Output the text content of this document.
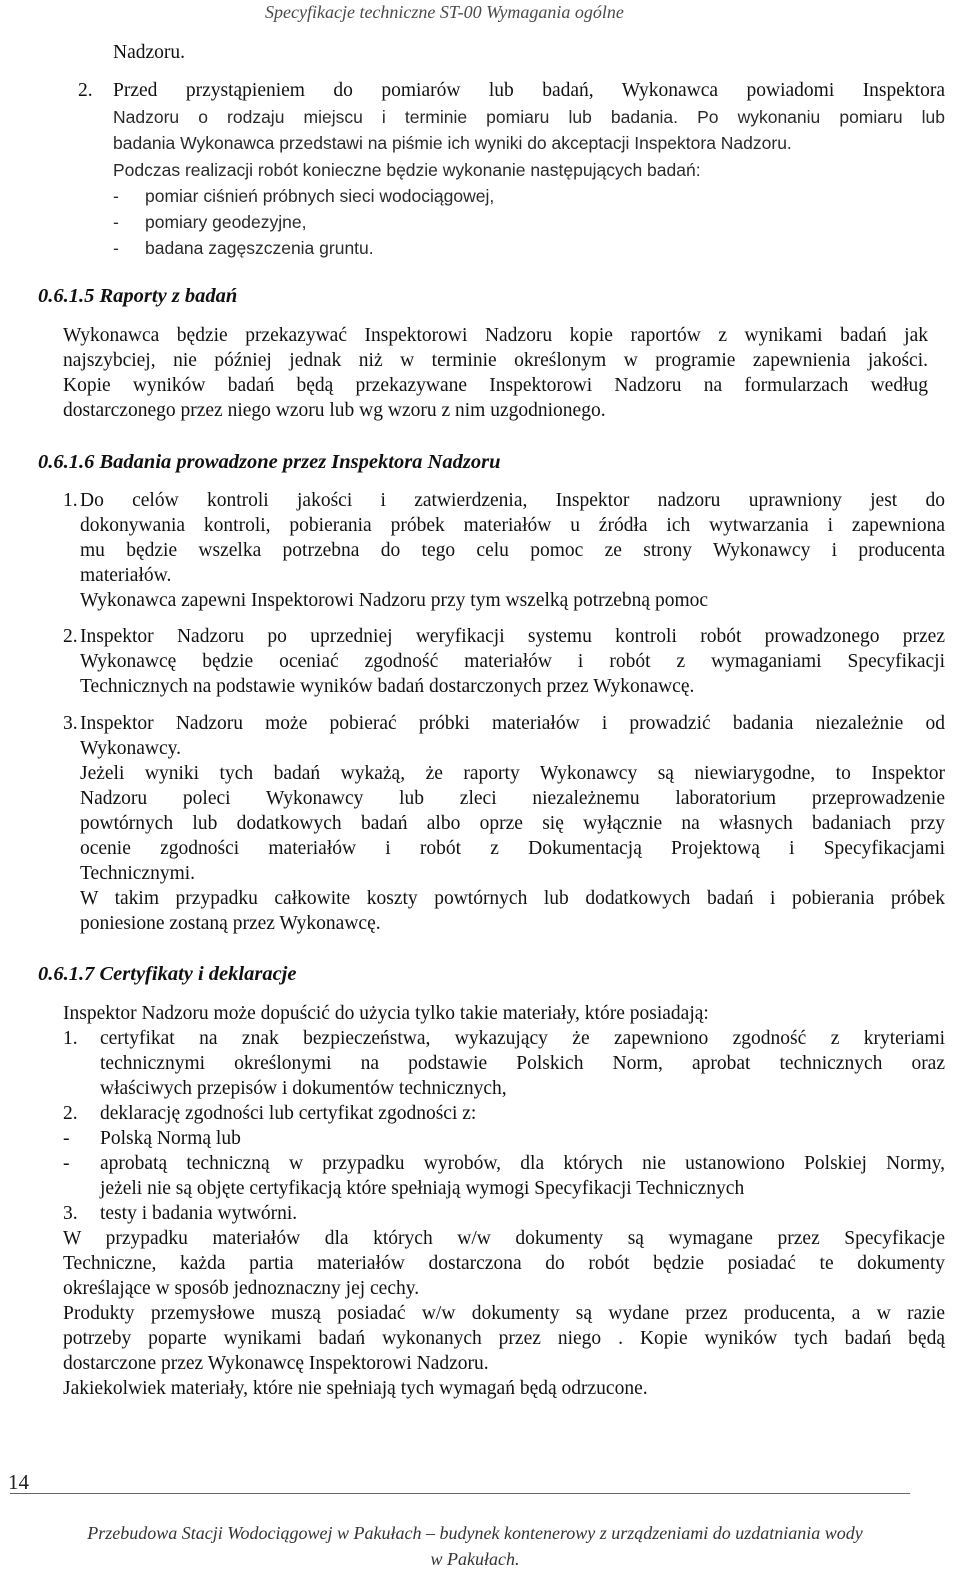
Specyfikacje techniczne ST-00 Wymagania ogólne
Nadzoru.
2. Przed przystąpieniem do pomiarów lub badań, Wykonawca powiadomi Inspektora
Nadzoru o rodzaju miejscu i terminie pomiaru lub badania. Po wykonaniu pomiaru lub
badania Wykonawca przedstawi na piśmie ich wyniki do akceptacji Inspektora Nadzoru.
Podczas realizacji robót konieczne będzie wykonanie następujących badań:
- pomiar ciśnień próbnych sieci wodociągowej,
- pomiary geodezyjne,
- badana zagęszczenia gruntu.
0.6.1.5 Raporty z badań
Wykonawca będzie przekazywać Inspektorowi Nadzoru kopie raportów z wynikami badań jak
najszybciej, nie później jednak niż w terminie określonym w programie zapewnienia jakości.
Kopie wyników badań będą przekazywane Inspektorowi Nadzoru na formularzach według
dostarczonego przez niego wzoru lub wg wzoru z nim uzgodnionego.
0.6.1.6 Badania prowadzone przez Inspektora Nadzoru
1. Do celów kontroli jakości i zatwierdzenia, Inspektor nadzoru uprawniony jest do
dokonywania kontroli, pobierania próbek materiałów u źródła ich wytwarzania i zapewniona
mu będzie wszelka potrzebna do tego celu pomoc ze strony Wykonawcy i producenta
materiałów.
Wykonawca zapewni Inspektorowi Nadzoru przy tym wszelką potrzebną pomoc
2. Inspektor Nadzoru po uprzedniej weryfikacji systemu kontroli robót prowadzonego przez
Wykonawcę będzie oceniać zgodność materiałów i robót z wymaganiami Specyfikacji
Technicznych na podstawie wyników badań dostarczonych przez Wykonawcę.
3. Inspektor Nadzoru może pobierać próbki materiałów i prowadzić badania niezależnie od
Wykonawcy.
Jeżeli wyniki tych badań wykażą, że raporty Wykonawcy są niewiarygodne, to Inspektor
Nadzoru poleci Wykonawcy lub zleci niezależnemu laboratorium przeprowadzenie
powtórnych lub dodatkowych badań albo oprze się wyłącznie na własnych badaniach przy
ocenie zgodności materiałów i robót z Dokumentacją Projektową i Specyfikacjami
Technicznymi.
W takim przypadku całkowite koszty powtórnych lub dodatkowych badań i pobierania próbek
poniesione zostaną przez Wykonawcę.
0.6.1.7 Certyfikaty i deklaracje
Inspektor Nadzoru może dopuścić do użycia tylko takie materiały, które posiadają:
1. certyfikat na znak bezpieczeństwa, wykazujący że zapewniono zgodność z kryteriami
technicznymi określonymi na podstawie Polskich Norm, aprobat technicznych oraz
właściwych przepisów i dokumentów technicznych,
2. deklarację zgodności lub certyfikat zgodności z:
- Polską Normą lub
- aprobatą techniczną w przypadku wyrobów, dla których nie ustanowiono Polskiej Normy,
jeżeli nie są objęte certyfikacją które spełniają wymogi Specyfikacji Technicznych
3. testy i badania wytwórni.
W przypadku materiałów dla których w/w dokumenty są wymagane przez Specyfikacje
Techniczne, każda partia materiałów dostarczona do robót będzie posiadać te dokumenty
określające w sposób jednoznaczny jej cechy.
Produkty przemysłowe muszą posiadać w/w dokumenty są wydane przez producenta, a w razie
potrzeby poparte wynikami badań wykonanych przez niego . Kopie wyników tych badań będą
dostarczone przez Wykonawcę Inspektorowi Nadzoru.
Jakiekolwiek materiały, które nie spełniają tych wymagań będą odrzucone.
14
Przebudowa Stacji Wodociągowej w Pakułach – budynek kontenerowy z urządzeniami do uzdatniania wody
w Pakułach.
